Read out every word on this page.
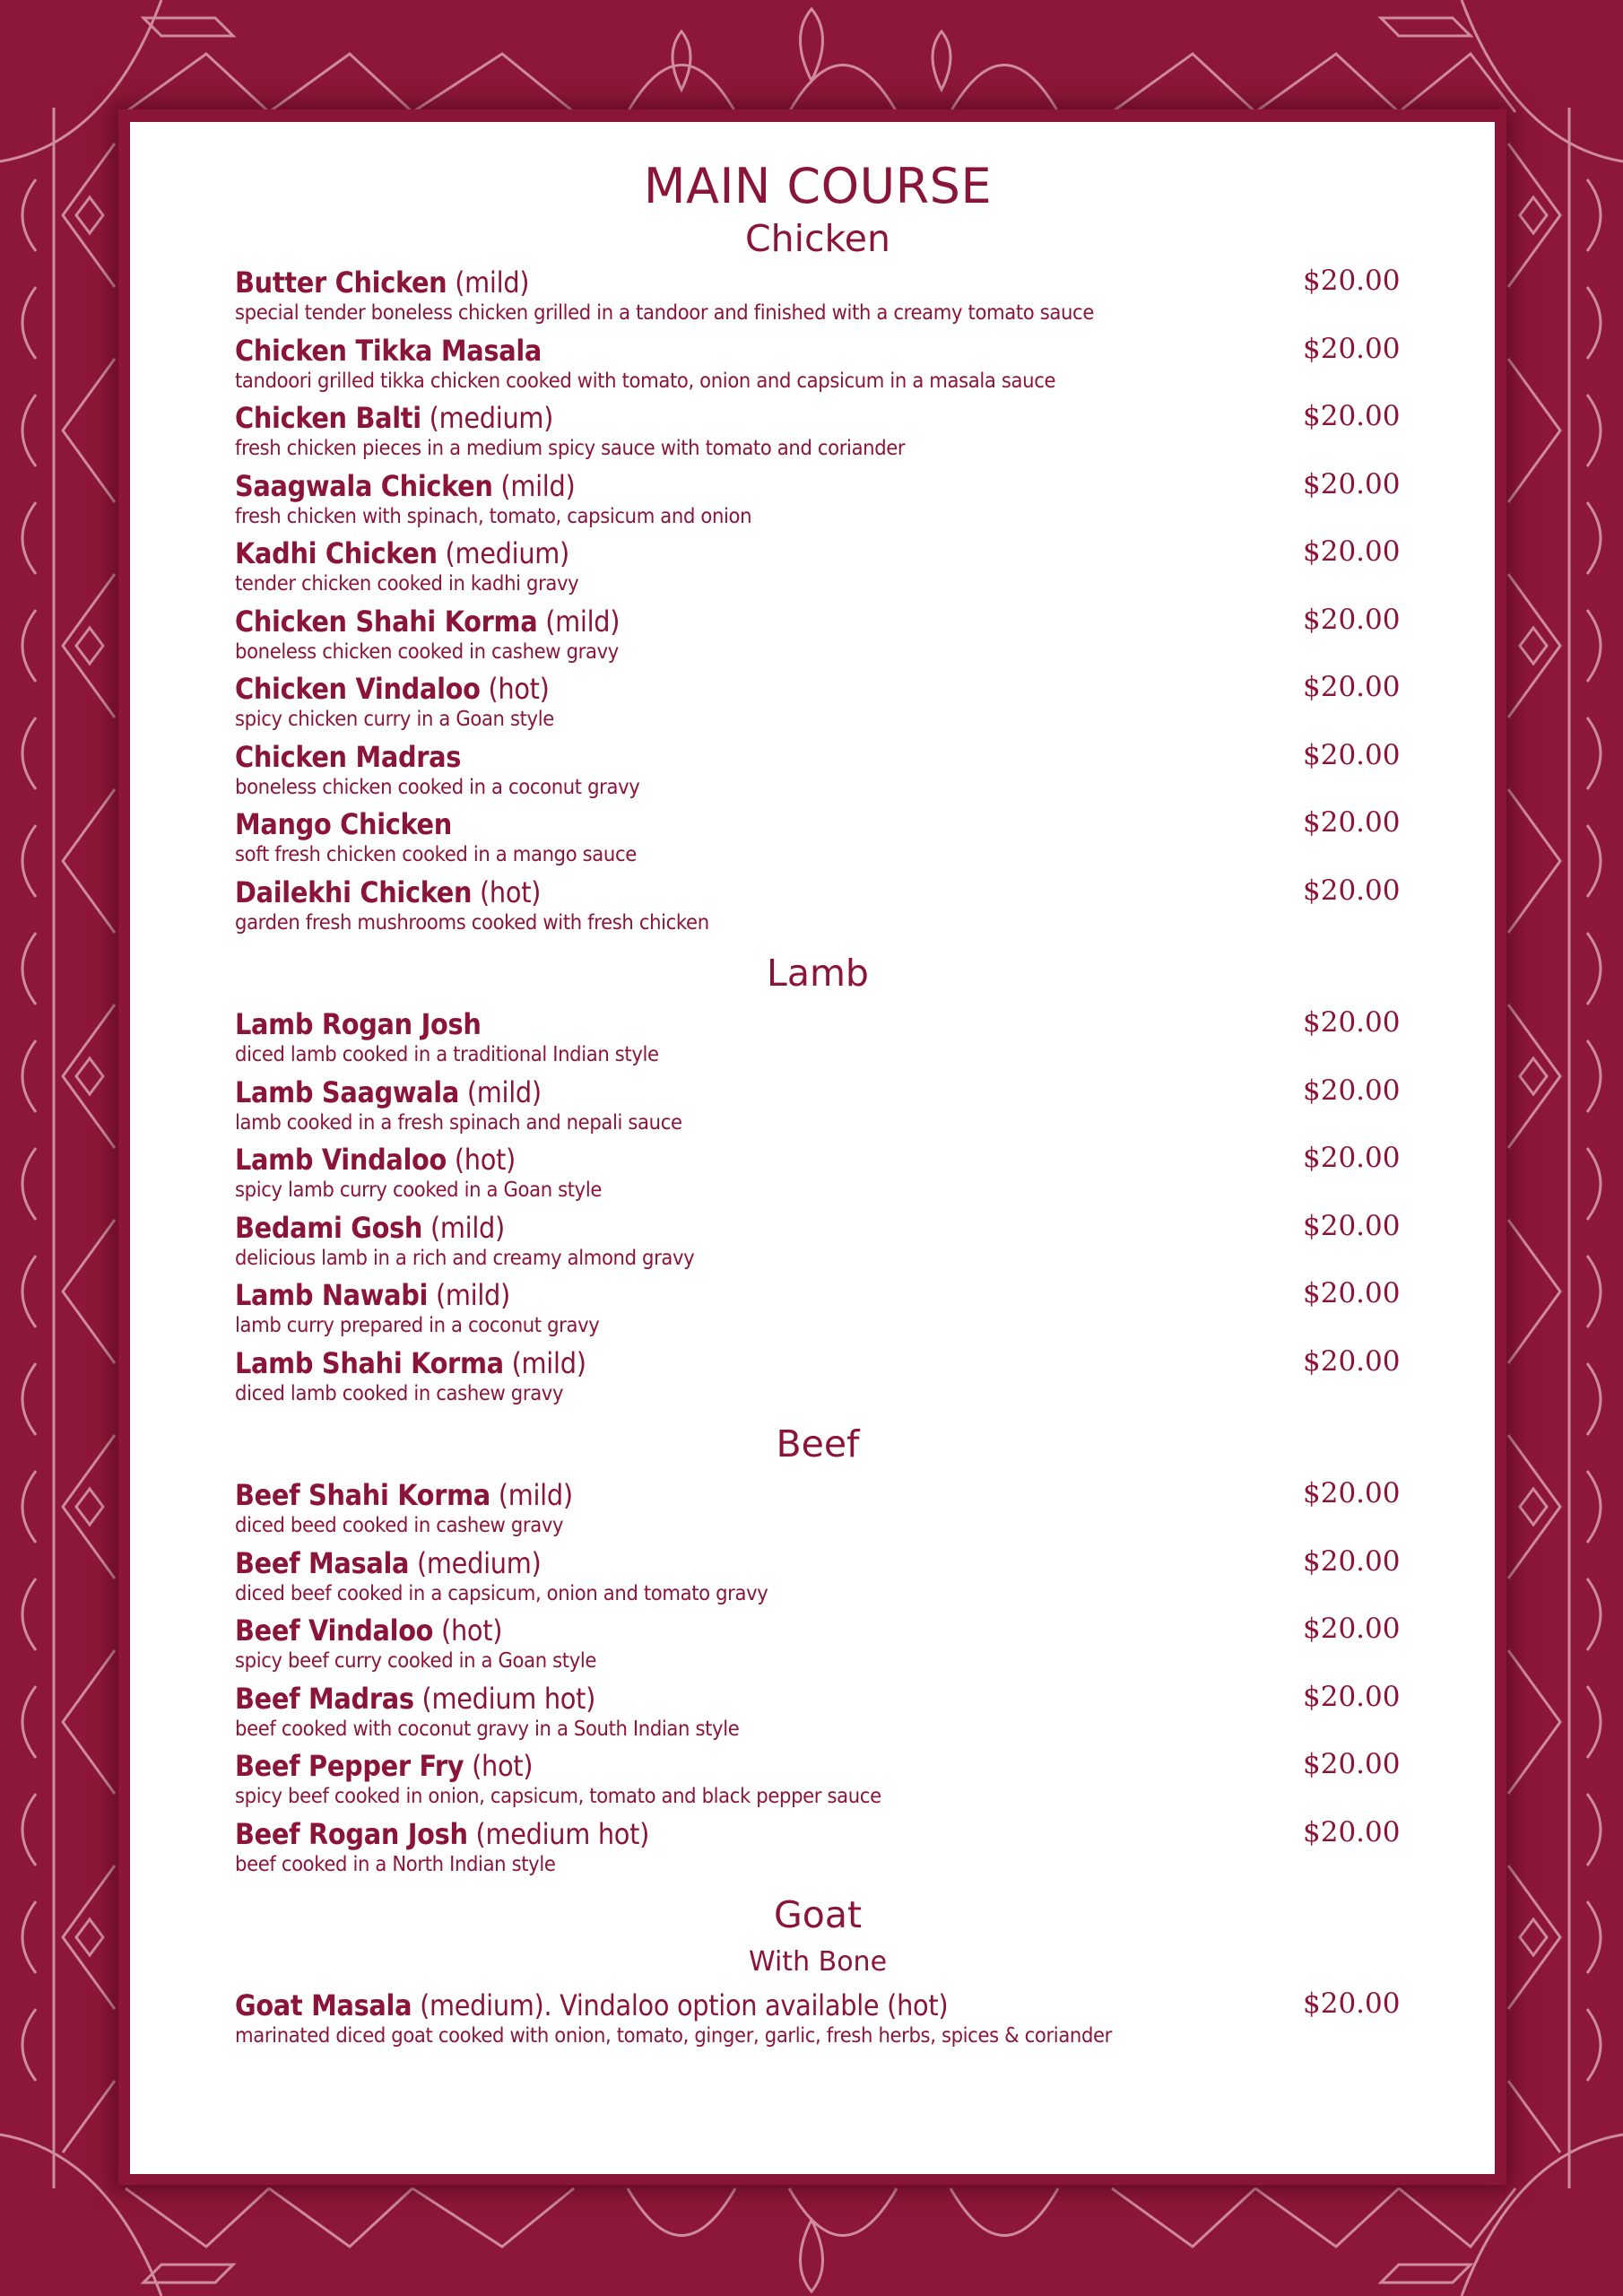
MAIN COURSE
Chicken
Butter Chicken (mild)
special tender boneless chicken grilled in a tandoor and finished with a creamy tomato sauce
$20.00
Chicken Tikka Masala
tandoori grilled tikka chicken cooked with tomato, onion and capsicum in a masala sauce
$20.00
Chicken Balti (medium)
fresh chicken pieces in a medium spicy sauce with tomato and coriander
$20.00
Saagwala Chicken (mild)
fresh chicken with spinach, tomato, capsicum and onion
$20.00
Kadhi Chicken (medium)
tender chicken cooked in kadhi gravy
$20.00
Chicken Shahi Korma (mild)
boneless chicken cooked in cashew gravy
$20.00
Chicken Vindaloo (hot)
spicy chicken curry in a Goan style
$20.00
Chicken Madras
boneless chicken cooked in a coconut gravy
$20.00
Mango Chicken
soft fresh chicken cooked in a mango sauce
$20.00
Dailekhi Chicken (hot)
garden fresh mushrooms cooked with fresh chicken
$20.00
Lamb
Lamb Rogan Josh
diced lamb cooked in a traditional Indian style
$20.00
Lamb Saagwala (mild)
lamb cooked in a fresh spinach and nepali sauce
$20.00
Lamb Vindaloo (hot)
spicy lamb curry cooked in a Goan style
$20.00
Bedami Gosh (mild)
delicious lamb in a rich and creamy almond gravy
$20.00
Lamb Nawabi (mild)
lamb curry prepared in a coconut gravy
$20.00
Lamb Shahi Korma (mild)
diced lamb cooked in cashew gravy
$20.00
Beef
Beef Shahi Korma (mild)
diced beed cooked in cashew gravy
$20.00
Beef Masala (medium)
diced beef cooked in a capsicum, onion and tomato gravy
$20.00
Beef Vindaloo (hot)
spicy beef curry cooked in a Goan style
$20.00
Beef Madras (medium hot)
beef cooked with coconut gravy in a South Indian style
$20.00
Beef Pepper Fry (hot)
spicy beef cooked in onion, capsicum, tomato and black pepper sauce
$20.00
Beef Rogan Josh (medium hot)
beef cooked in a North Indian style
$20.00
Goat
With Bone
Goat Masala (medium). Vindaloo option available (hot)
marinated diced goat cooked with onion, tomato, ginger, garlic, fresh herbs, spices & coriander
$20.00
